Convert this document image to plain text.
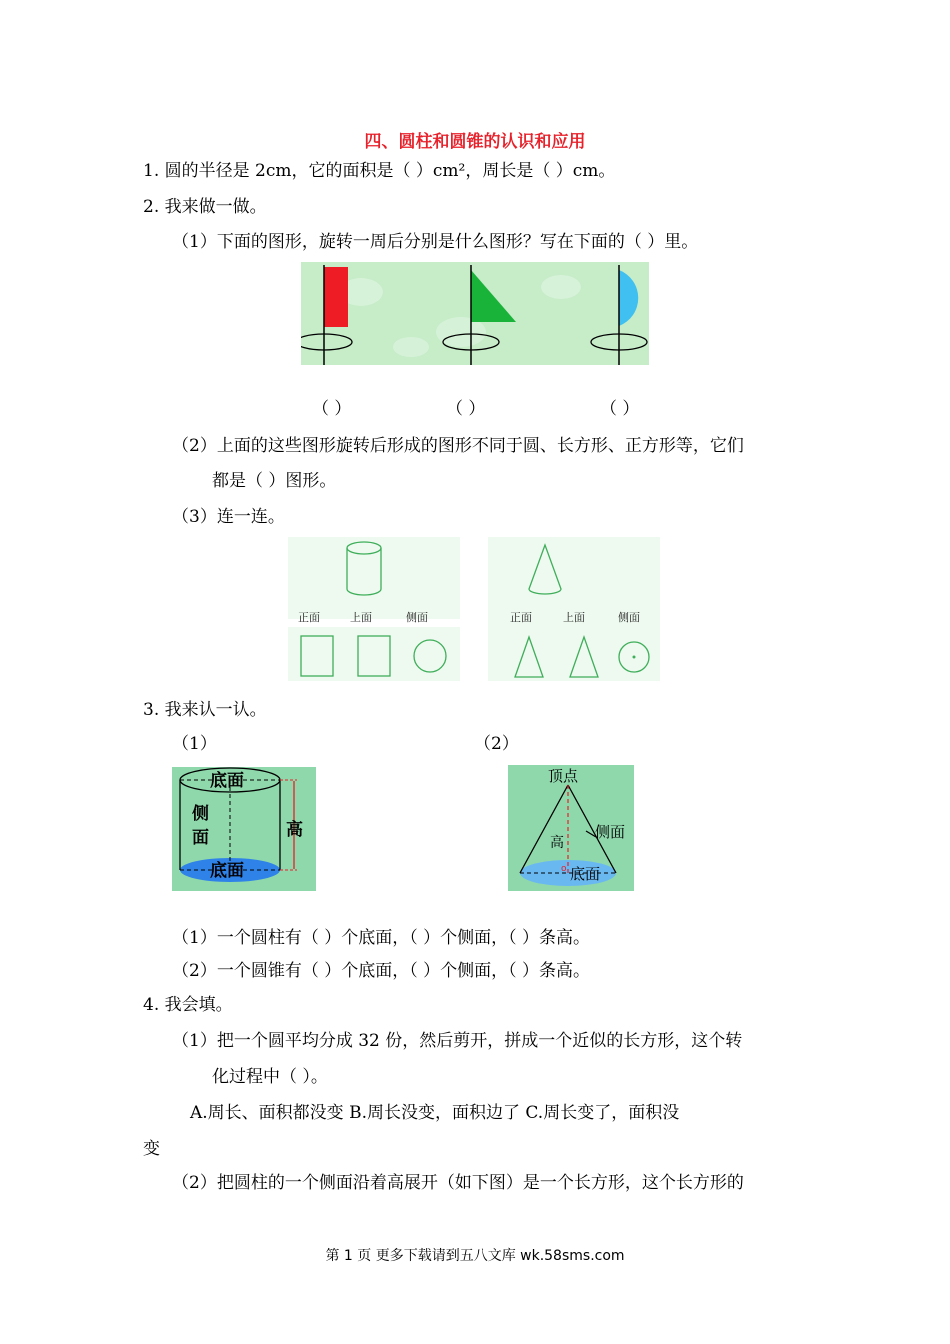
四、圆柱和圆锥的认识和应用
1. 圆的半径是 2cm，它的面积是（ ）cm²，周长是（ ）cm。
2. 我来做一做。
（1）下面的图形，旋转一周后分别是什么图形？写在下面的（ ）里。
（ ）	（ ）	（ ）
（2）上面的这些图形旋转后形成的图形不同于圆、长方形、正方形等，它们
都是（ ）图形。
（3）连一连。
正面	上面	侧面	正面	上面	侧面
3. 我来认一认。
（1）	（2）
底面
侧
面	高
底面
顶点
高
侧面
底面
o
（1）一个圆柱有（ ）个底面，（ ）个侧面，（ ）条高。
（2）一个圆锥有（ ）个底面，（ ）个侧面，（ ）条高。
4. 我会填。
（1）把一个圆平均分成 32 份，然后剪开，拼成一个近似的长方形，这个转
化过程中（ ）。
A.周长、面积都没变 B.周长没变，面积边了 C.周长变了，面积没
变
（2）把圆柱的一个侧面沿着高展开（如下图）是一个长方形，这个长方形的
第 1 页 更多下载请到五八文库 wk.58sms.com
